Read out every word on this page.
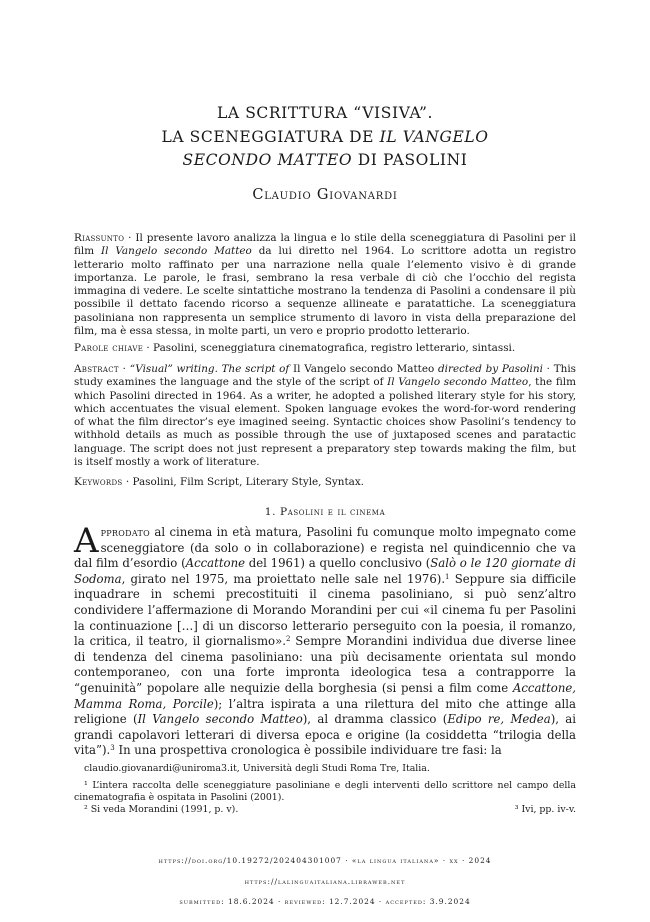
LA SCRITTURA “VISIVA”.
LA SCENEGGIATURA DE IL VANGELO
SECONDO MATTEO DI PASOLINI
Claudio Giovanardi
Riassunto · Il presente lavoro analizza la lingua e lo stile della sceneggiatura di Pasolini per il film Il Vangelo secondo Matteo da lui diretto nel 1964. Lo scrittore adotta un registro letterario molto raffinato per una narrazione nella quale l’elemento visivo è di grande importanza. Le parole, le frasi, sembrano la resa verbale di ciò che l’occhio del regista immagina di vedere. Le scelte sintattiche mostrano la tendenza di Pasolini a condensare il più possibile il dettato facendo ricorso a sequenze allineate e paratattiche. La sceneggiatura pasoliniana non rappresenta un semplice strumento di lavoro in vista della preparazione del film, ma è essa stessa, in molte parti, un vero e proprio prodotto letterario.
Parole chiave · Pasolini, sceneggiatura cinematografica, registro letterario, sintassi.
Abstract · “Visual” writing. The script of Il Vangelo secondo Matteo directed by Pasolini · This study examines the language and the style of the script of Il Vangelo secondo Matteo, the film which Pasolini directed in 1964. As a writer, he adopted a polished literary style for his story, which accentuates the visual element. Spoken language evokes the word-for-word rendering of what the film director’s eye imagined seeing. Syntactic choices show Pasolini’s tendency to withhold details as much as possible through the use of juxtaposed scenes and paratactic language. The script does not just represent a preparatory step towards making the film, but is itself mostly a work of literature.
Keywords · Pasolini, Film Script, Literary Style, Syntax.
1. Pasolini e il cinema
Approdato al cinema in età matura, Pasolini fu comunque molto impegnato come sceneggiatore (da solo o in collaborazione) e regista nel quindicennio che va dal film d’esordio (Accattone del 1961) a quello conclusivo (Salò o le 120 giornate di Sodoma, girato nel 1975, ma proiettato nelle sale nel 1976).$^1$ Seppure sia difficile inquadrare in schemi precostituiti il cinema pasoliniano, si può senz’altro condividere l’affermazione di Morando Morandini per cui «il cinema fu per Pasolini la continuazione […] di un discorso letterario perseguito con la poesia, il romanzo, la critica, il teatro, il giornalismo».$^2$ Sempre Morandini individua due diverse linee di tendenza del cinema pasoliniano: una più decisamente orientata sul mondo contemporaneo, con una forte impronta ideologica tesa a contrapporre la “genuinità” popolare alle nequizie della borghesia (si pensi a film come Accattone, Mamma Roma, Porcile); l’altra ispirata a una rilettura del mito che attinge alla religione (Il Vangelo secondo Matteo), al dramma classico (Edipo re, Medea), ai grandi capolavori letterari di diversa epoca e origine (la cosiddetta “trilogia della vita”).$^3$ In una prospettiva cronologica è possibile individuare tre fasi: la
claudio.giovanardi@uniroma3.it, Università degli Studi Roma Tre, Italia.
¹ L’intera raccolta delle sceneggiature pasoliniane e degli interventi dello scrittore nel campo della cinematografia è ospitata in Pasolini (2001).
² Si veda Morandini (1991, p. v).	³ Ivi, pp. iv-v.
https://doi.org/10.19272/202404301007 · «la lingua italiana» · xx · 2024
https://lalinguaitaliana.libraweb.net
submitted: 18.6.2024 · reviewed: 12.7.2024 · accepted: 3.9.2024
